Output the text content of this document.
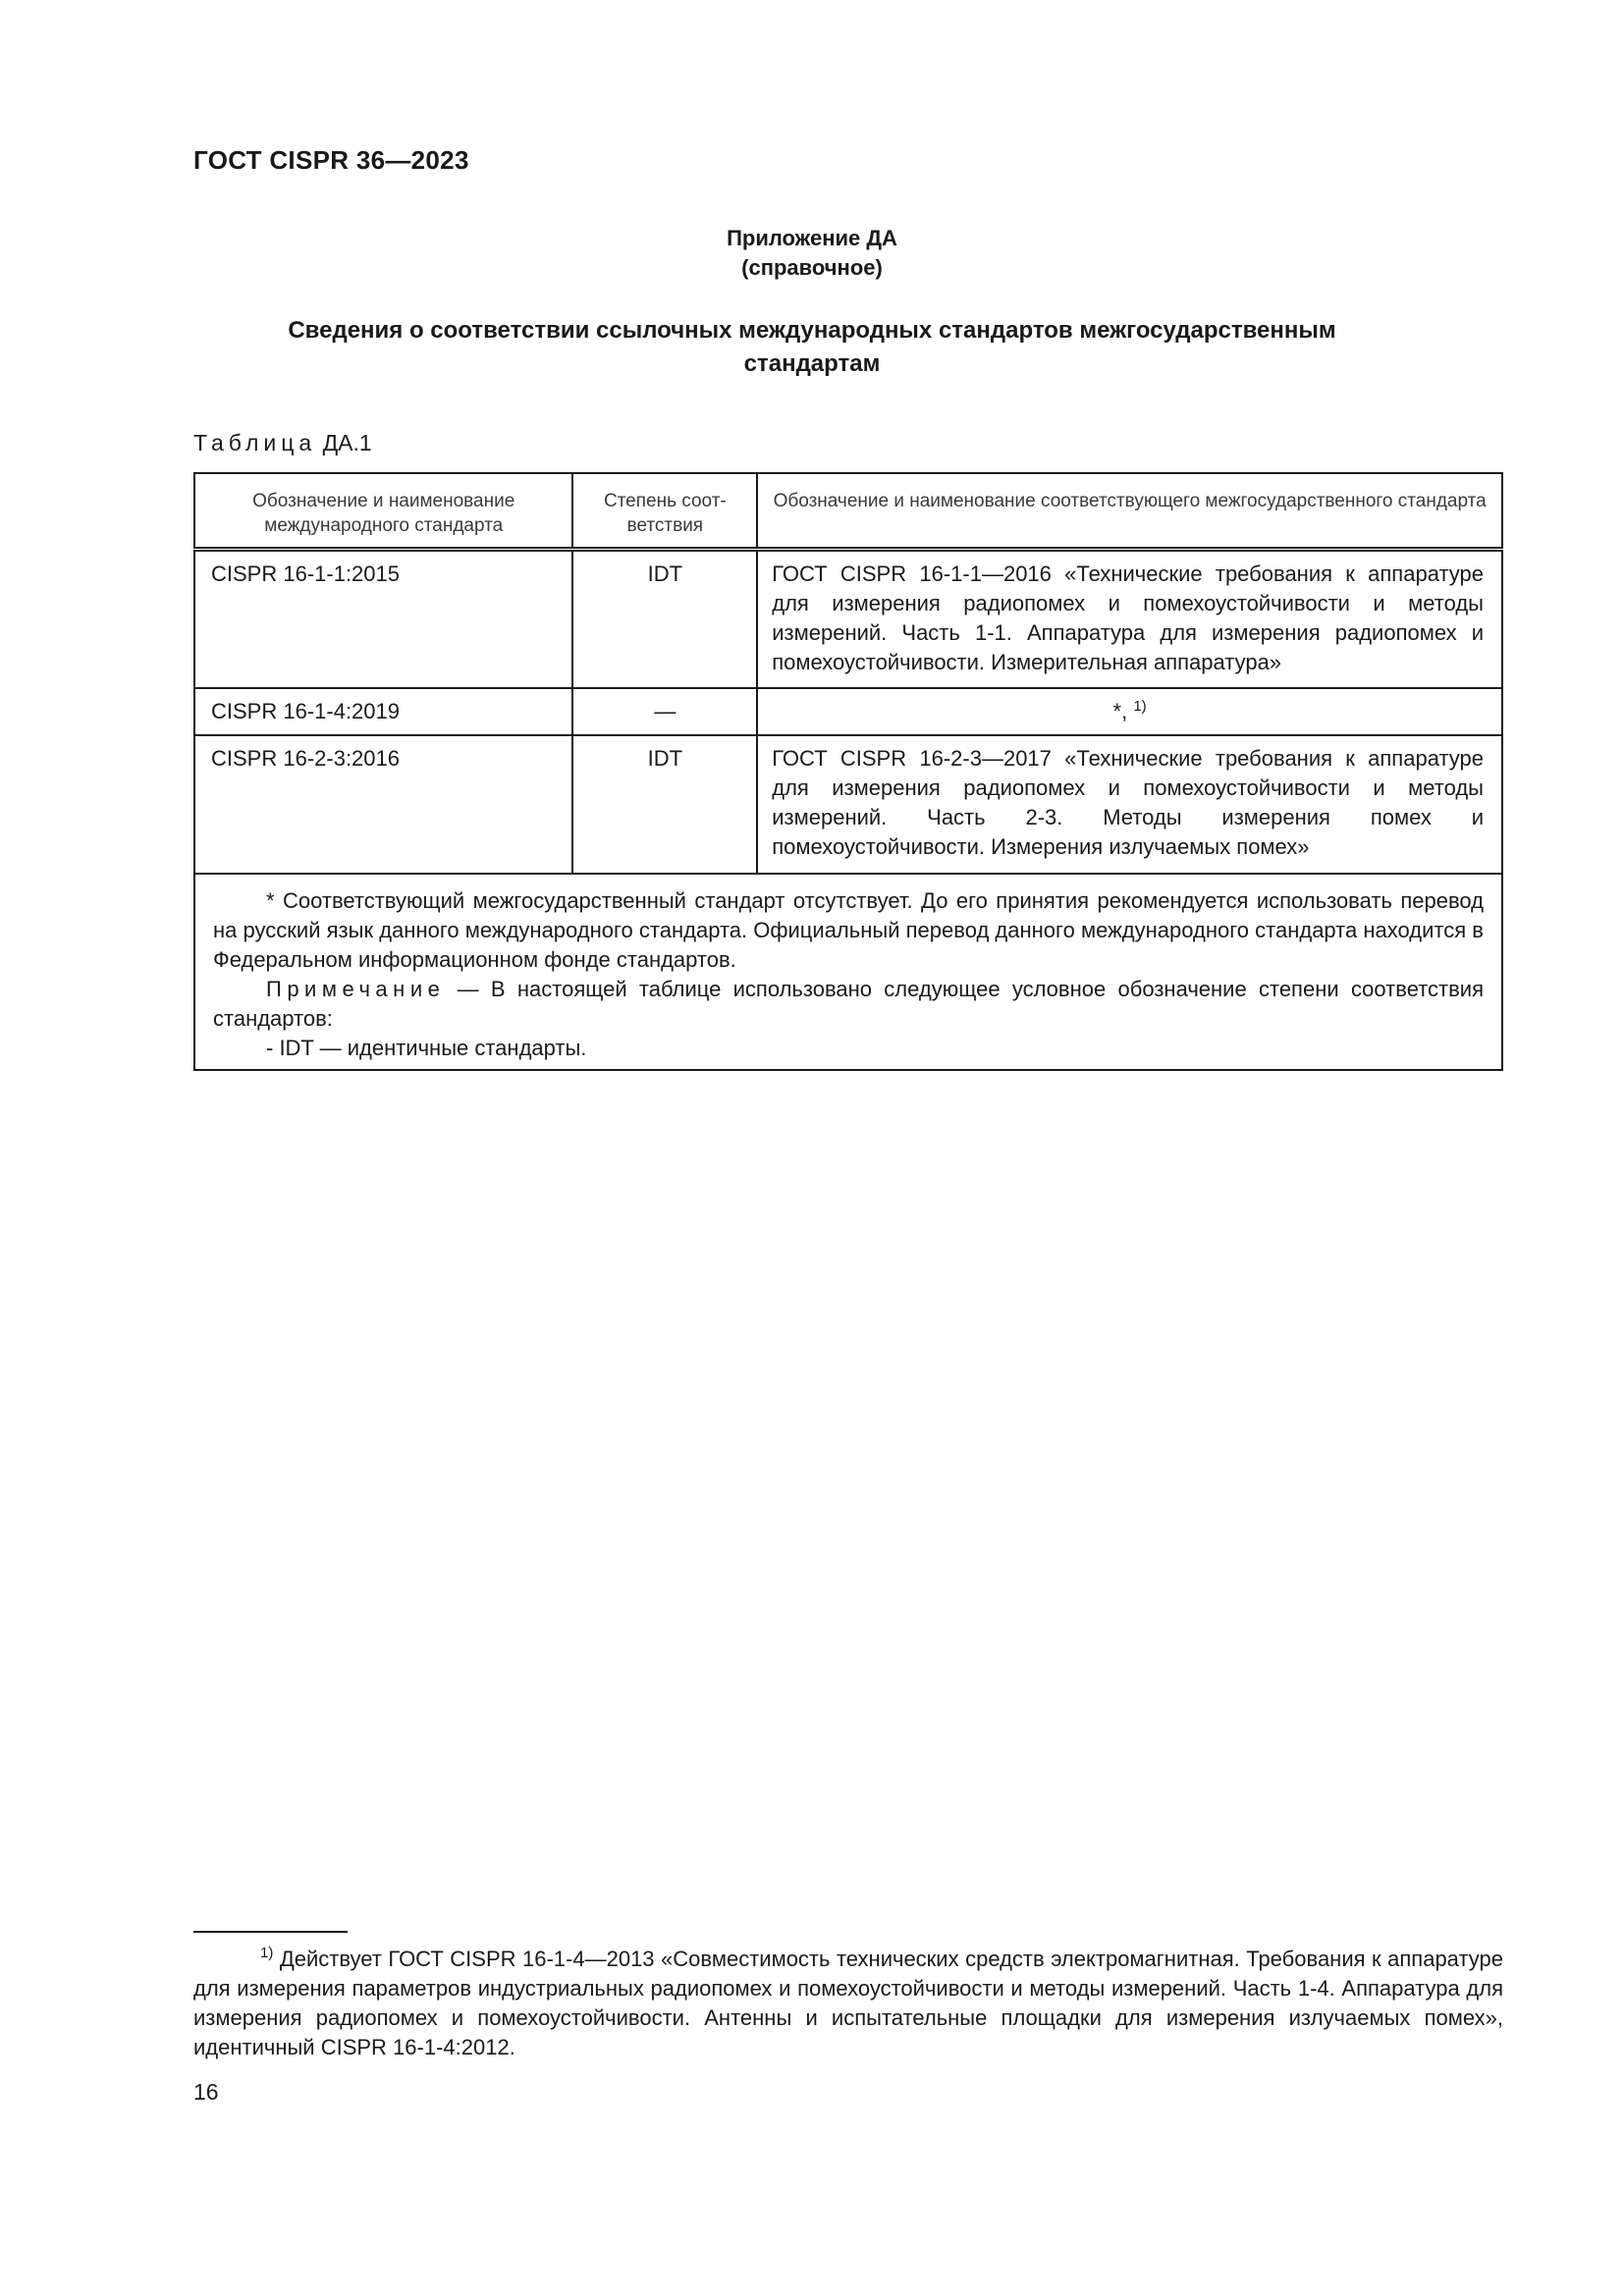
ГОСТ CISPR 36—2023
Приложение ДА
(справочное)
Сведения о соответствии ссылочных международных стандартов межгосударственным стандартам
Таблица ДА.1
Обозначение и наименование международного стандарта	Степень соот-ветствия	Обозначение и наименование соответствующего межгосударственного стандарта
CISPR 16-1-1:2015	IDT	ГОСТ CISPR 16-1-1—2016 «Технические требования к аппаратуре для измерения радиопомех и помехоустойчивости и методы измерений. Часть 1-1. Аппаратура для измерения радиопомех и помехоустойчивости. Измерительная аппаратура»
CISPR 16-1-4:2019	—	*, $^{1)}$
CISPR 16-2-3:2016	IDT	ГОСТ CISPR 16-2-3—2017 «Технические требования к аппаратуре для измерения радиопомех и помехоустойчивости и методы измерений. Часть 2-3. Методы измерения помех и помехоустойчивости. Измерения излучаемых помех»

* Соответствующий межгосударственный стандарт отсутствует. До его принятия рекомендуется использовать перевод на русский язык данного международного стандарта. Официальный перевод данного международного стандарта находится в Федеральном информационном фонде стандартов.

Примечание — В настоящей таблице использовано следующее условное обозначение степени соответствия стандартов:

- IDT — идентичные стандарты.		

$^{1)}$ Действует ГОСТ CISPR 16-1-4—2013 «Совместимость технических средств электромагнитная. Требования к аппаратуре для измерения параметров индустриальных радиопомех и помехоустойчивости и методы измерений. Часть 1-4. Аппаратура для измерения радиопомех и помехоустойчивости. Антенны и испытательные площадки для измерения излучаемых помех», идентичный CISPR 16-1-4:2012.
16
